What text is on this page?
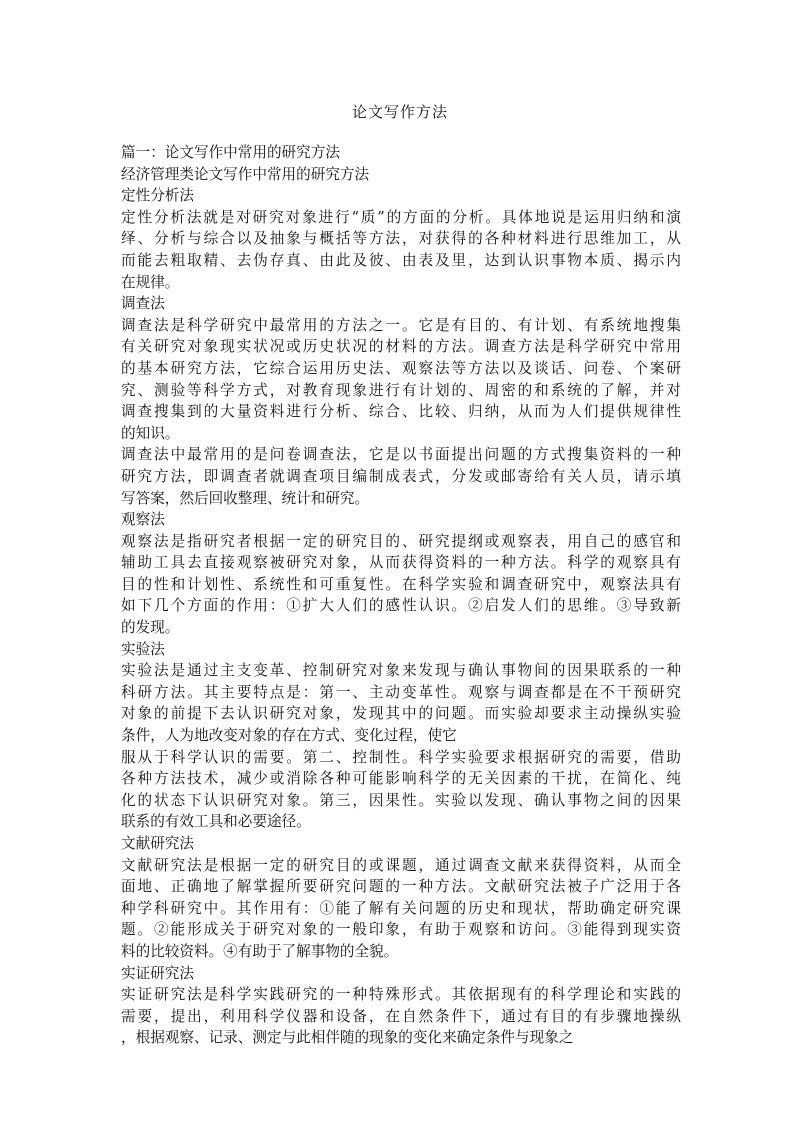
论文写作方法
篇一：论文写作中常用的研究方法
经济管理类论文写作中常用的研究方法
定性分析法
定性分析法就是对研究对象进行“质”的方面的分析。具体地说是运用归纳和演
绎、分析与综合以及抽象与概括等方法，对获得的各种材料进行思维加工，从
而能去粗取精、去伪存真、由此及彼、由表及里，达到认识事物本质、揭示内
在规律。
调查法
调查法是科学研究中最常用的方法之一。它是有目的、有计划、有系统地搜集
有关研究对象现实状况或历史状况的材料的方法。调查方法是科学研究中常用
的基本研究方法，它综合运用历史法、观察法等方法以及谈话、问卷、个案研
究、测验等科学方式，对教育现象进行有计划的、周密的和系统的了解，并对
调查搜集到的大量资料进行分析、综合、比较、归纳，从而为人们提供规律性
的知识。
调查法中最常用的是问卷调查法，它是以书面提出问题的方式搜集资料的一种
研究方法，即调查者就调查项目编制成表式，分发或邮寄给有关人员，请示填
写答案，然后回收整理、统计和研究。
观察法
观察法是指研究者根据一定的研究目的、研究提纲或观察表，用自己的感官和
辅助工具去直接观察被研究对象，从而获得资料的一种方法。科学的观察具有
目的性和计划性、系统性和可重复性。在科学实验和调查研究中，观察法具有
如下几个方面的作用：①扩大人们的感性认识。②启发人们的思维。③导致新
的发现。
实验法
实验法是通过主支变革、控制研究对象来发现与确认事物间的因果联系的一种
科研方法。其主要特点是：第一、主动变革性。观察与调查都是在不干预研究
对象的前提下去认识研究对象，发现其中的问题。而实验却要求主动操纵实验
条件，人为地改变对象的存在方式、变化过程，使它
服从于科学认识的需要。第二、控制性。科学实验要求根据研究的需要，借助
各种方法技术，减少或消除各种可能影响科学的无关因素的干扰，在简化、纯
化的状态下认识研究对象。第三，因果性。实验以发现、确认事物之间的因果
联系的有效工具和必要途径。
文献研究法
文献研究法是根据一定的研究目的或课题，通过调查文献来获得资料，从而全
面地、正确地了解掌握所要研究问题的一种方法。文献研究法被子广泛用于各
种学科研究中。其作用有：①能了解有关问题的历史和现状，帮助确定研究课
题。②能形成关于研究对象的一般印象，有助于观察和访问。③能得到现实资
料的比较资料。④有助于了解事物的全貌。
实证研究法
实证研究法是科学实践研究的一种特殊形式。其依据现有的科学理论和实践的
需要，提出，利用科学仪器和设备，在自然条件下，通过有目的有步骤地操纵
，根据观察、记录、测定与此相伴随的现象的变化来确定条件与现象之
